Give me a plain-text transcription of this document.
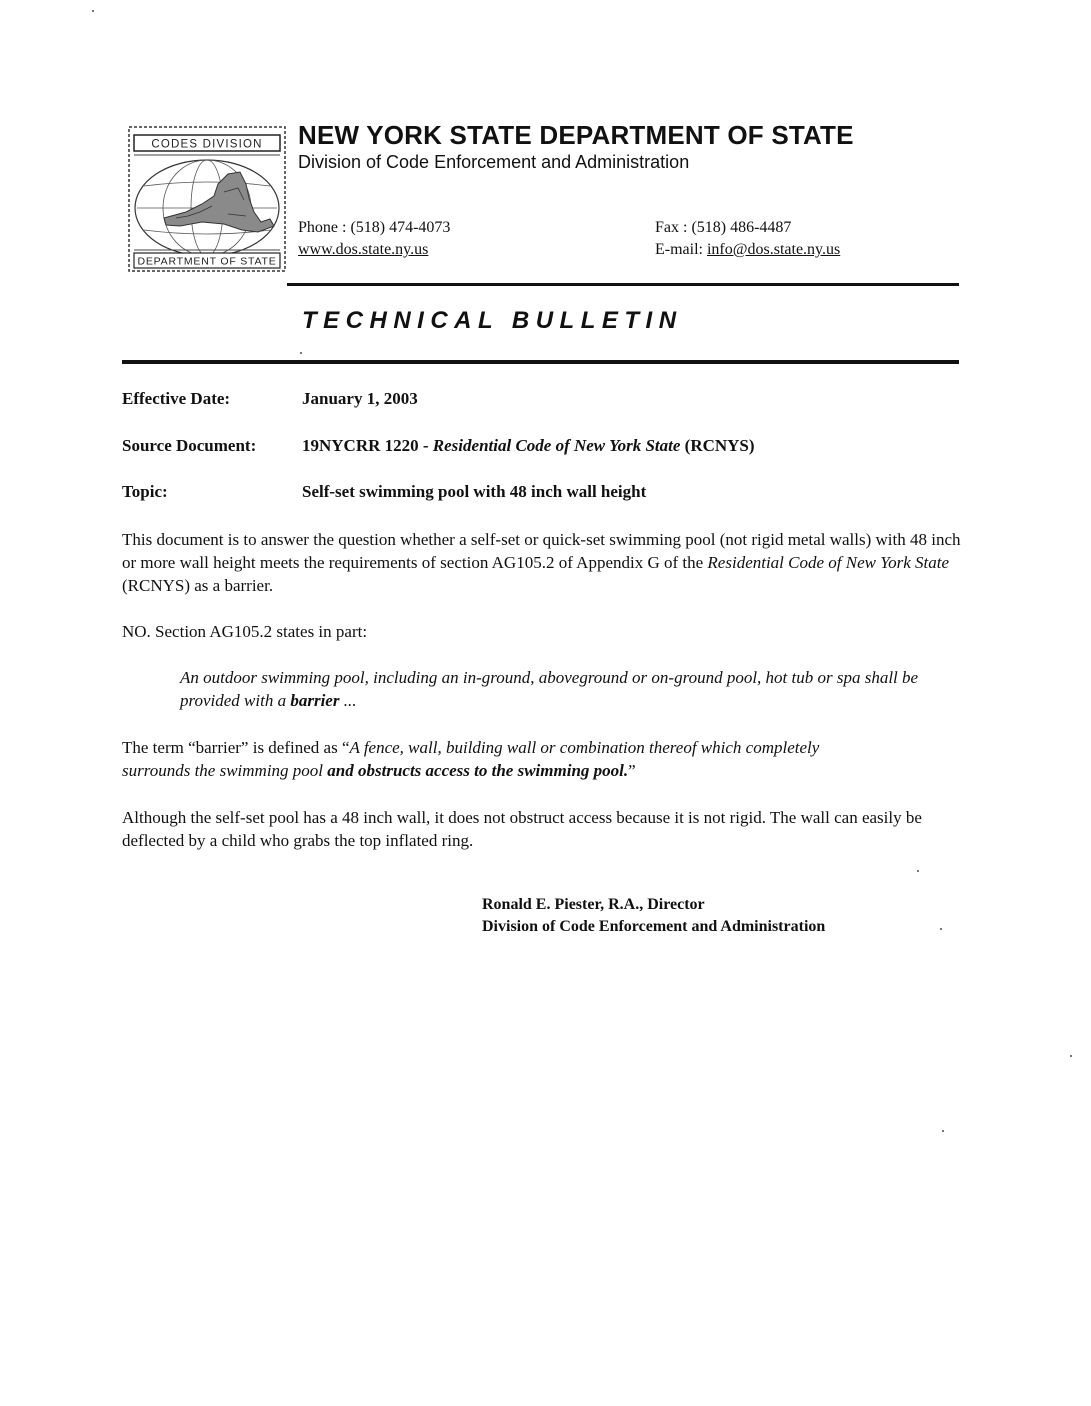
CODES DIVISION
DEPARTMENT OF STATE
NEW YORK STATE DEPARTMENT OF STATE
Division of Code Enforcement and Administration
Phone : (518) 474-4073
www.dos.state.ny.us
Fax : (518) 486-4487
E-mail: info@dos.state.ny.us
TECHNICAL BULLETIN
Effective Date:	January 1, 2003
Source Document:	19NYCRR 1220 - Residential Code of New York State (RCNYS)
Topic:	Self-set swimming pool with 48 inch wall height
This document is to answer the question whether a self-set or quick-set swimming pool (not rigid metal walls) with 48 inch or more wall height meets the requirements of section AG105.2 of Appendix G of the Residential Code of New York State (RCNYS) as a barrier.
NO. Section AG105.2 states in part:
An outdoor swimming pool, including an in-ground, aboveground or on-ground pool, hot tub or spa shall be provided with a barrier ...
The term “barrier” is defined as “A fence, wall, building wall or combination thereof which completely surrounds the swimming pool and obstructs access to the swimming pool.”
Although the self-set pool has a 48 inch wall, it does not obstruct access because it is not rigid. The wall can easily be deflected by a child who grabs the top inflated ring.
Ronald E. Piester, R.A., Director
Division of Code Enforcement and Administration
